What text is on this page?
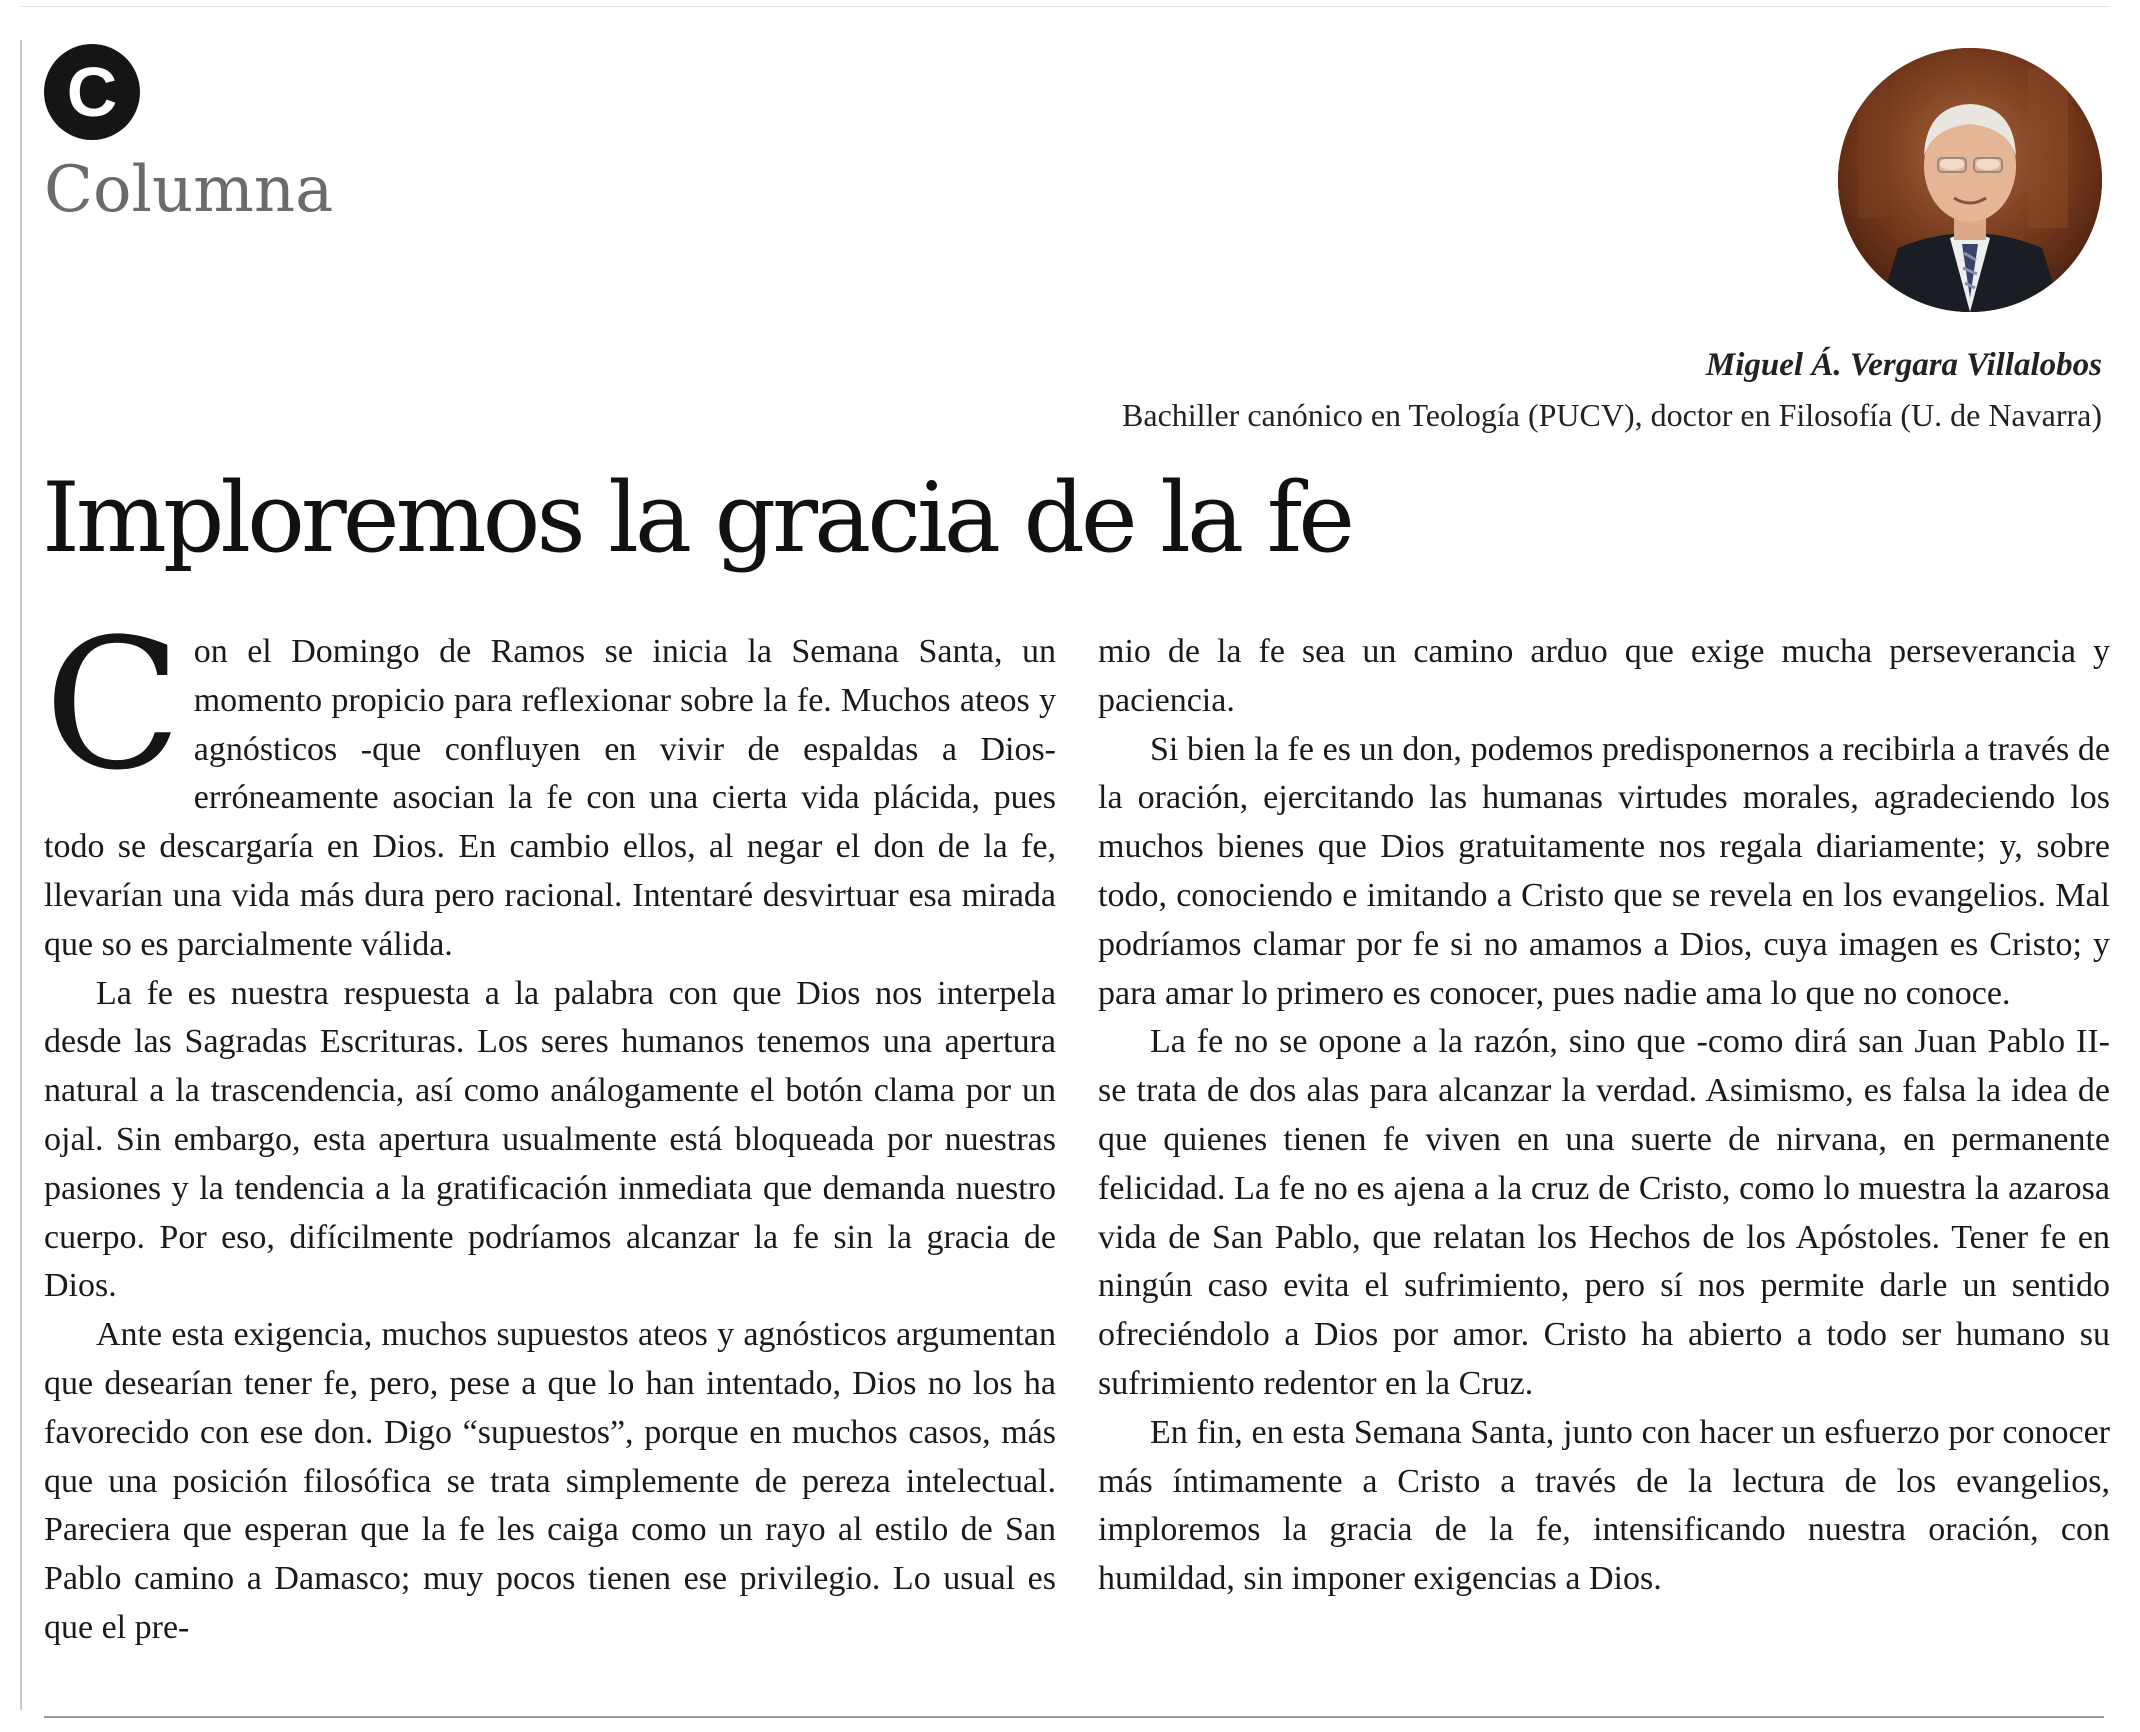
C
Columna
Miguel Á. Vergara Villalobos
Bachiller canónico en Teología (PUCV), doctor en Filosofía (U. de Navarra)
Imploremos la gracia de la fe

Con el Domingo de Ramos se inicia la Semana Santa, un momento propicio para reflexionar sobre la fe. Muchos ateos y agnósticos -que confluyen en vivir de espaldas a Dios- erróneamente asocian la fe con una cierta vida plácida, pues todo se descargaría en Dios. En cambio ellos, al negar el don de la fe, llevarían una vida más dura pero racional. Intentaré desvirtuar esa mirada que so es parcialmente válida.

La fe es nuestra respuesta a la palabra con que Dios nos interpela desde las Sagradas Escrituras. Los seres humanos tenemos una apertura natural a la trascendencia, así como análogamente el botón clama por un ojal. Sin embargo, esta apertura usualmente está bloqueada por nuestras pasiones y la tendencia a la gratificación inmediata que demanda nuestro cuerpo. Por eso, difícilmente podríamos alcanzar la fe sin la gracia de Dios.

Ante esta exigencia, muchos supuestos ateos y agnósticos argumentan que desearían tener fe, pero, pese a que lo han intentado, Dios no los ha favorecido con ese don. Digo “supuestos”, porque en muchos casos, más que una posición filosófica se trata simplemente de pereza intelectual. Pareciera que esperan que la fe les caiga como un rayo al estilo de San Pablo camino a Damasco; muy pocos tienen ese privilegio. Lo usual es que el pre-

mio de la fe sea un camino arduo que exige mucha perseverancia y paciencia.

Si bien la fe es un don, podemos predisponernos a recibirla a través de la oración, ejercitando las humanas virtudes morales, agradeciendo los muchos bienes que Dios gratuitamente nos regala diariamente; y, sobre todo, conociendo e imitando a Cristo que se revela en los evangelios. Mal podríamos clamar por fe si no amamos a Dios, cuya imagen es Cristo; y para amar lo primero es conocer, pues nadie ama lo que no conoce.

La fe no se opone a la razón, sino que -como dirá san Juan Pablo II- se trata de dos alas para alcanzar la verdad. Asimismo, es falsa la idea de que quienes tienen fe viven en una suerte de nirvana, en permanente felicidad. La fe no es ajena a la cruz de Cristo, como lo muestra la azarosa vida de San Pablo, que relatan los Hechos de los Apóstoles. Tener fe en ningún caso evita el sufrimiento, pero sí nos permite darle un sentido ofreciéndolo a Dios por amor. Cristo ha abierto a todo ser humano su sufrimiento redentor en la Cruz.

En fin, en esta Semana Santa, junto con hacer un esfuerzo por conocer más íntimamente a Cristo a través de la lectura de los evangelios, imploremos la gracia de la fe, intensificando nuestra oración, con humildad, sin imponer exigencias a Dios.
